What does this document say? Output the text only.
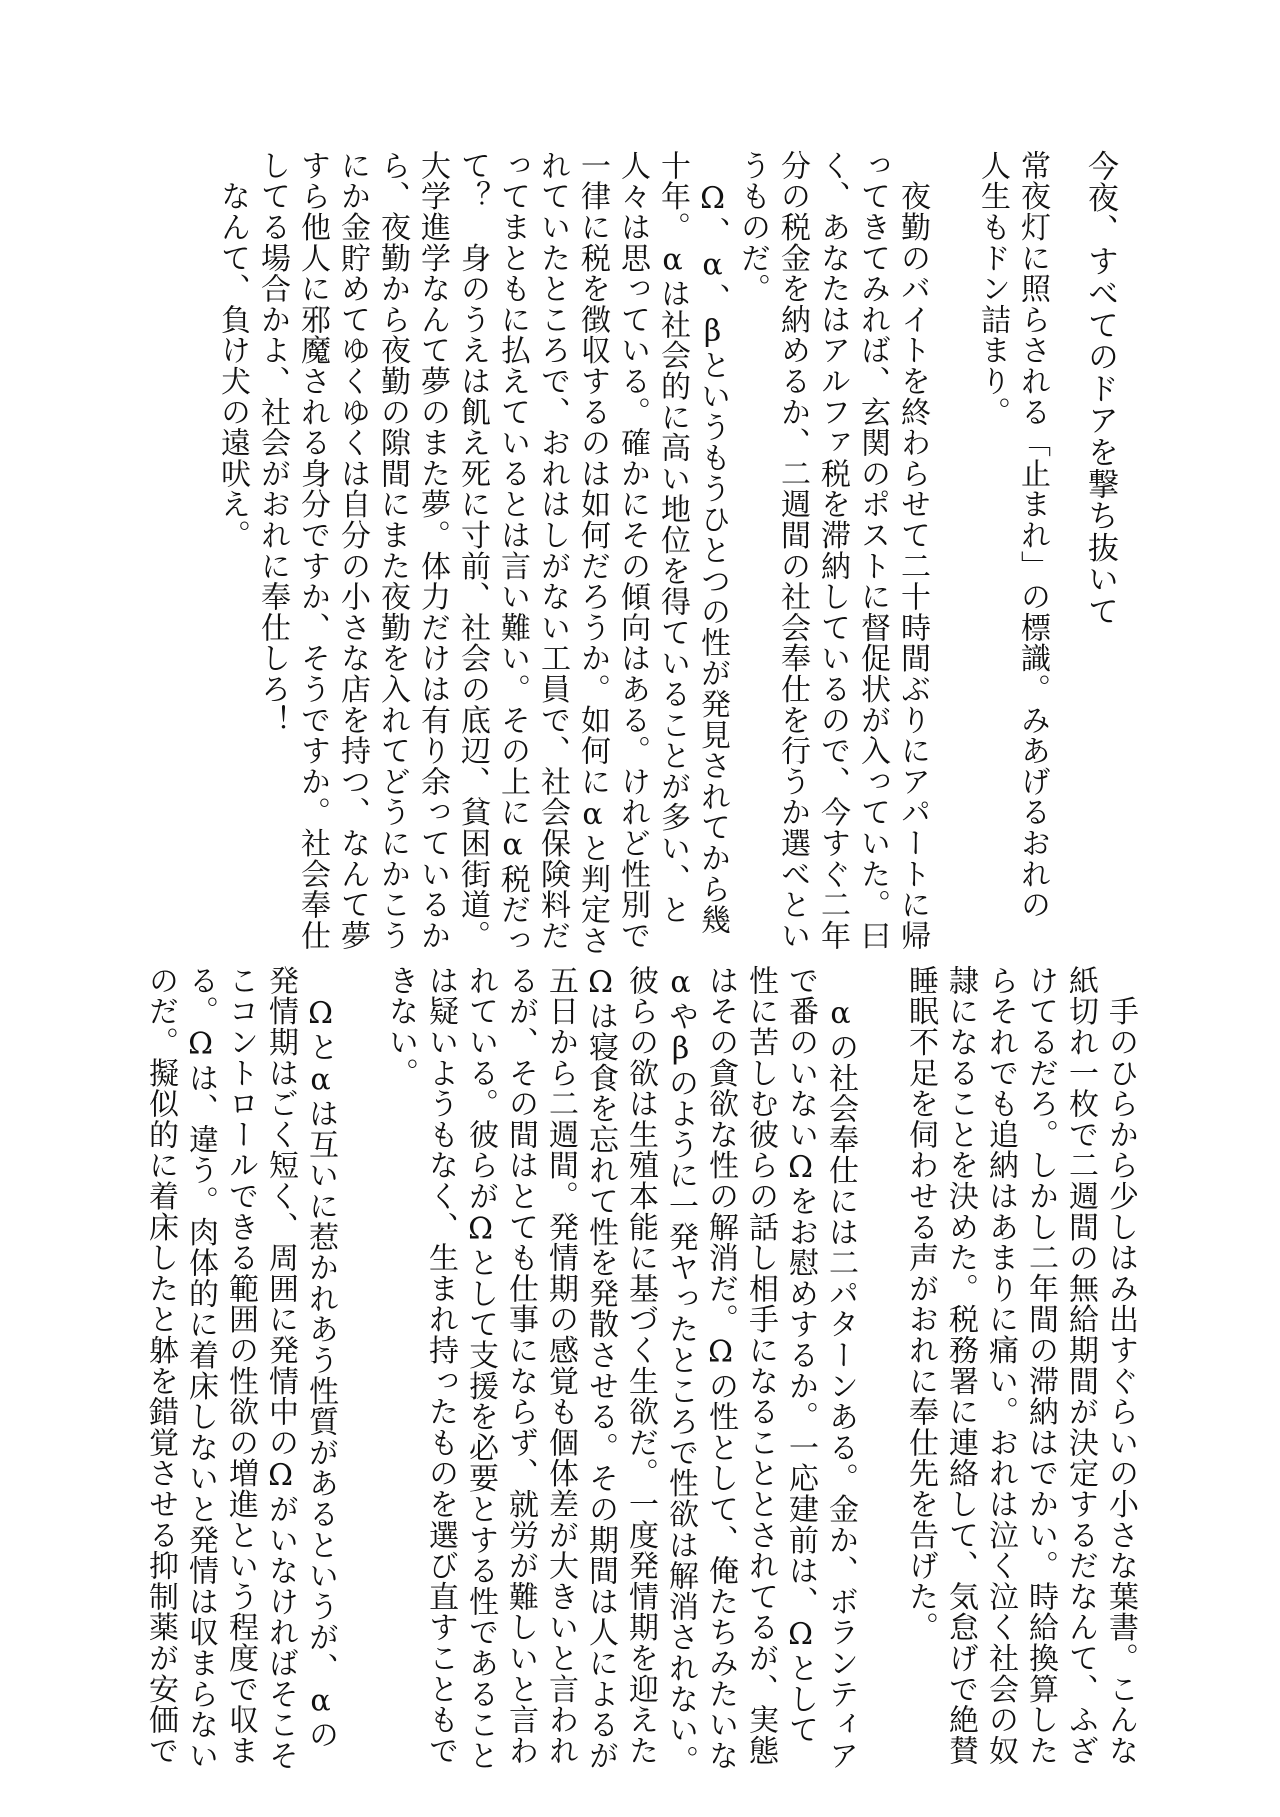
今夜、すべてのドアを撃ち抜いて

常夜灯に照らされる「止まれ」の標識。みあげるおれの

人生もドン詰まり。

　夜勤のバイトを終わらせて二十時間ぶりにアパートに帰

ってきてみれば、玄関のポストに督促状が入っていた。曰

く、あなたはアルファ税を滞納しているので、今すぐ二年

分の税金を納めるか、二週間の社会奉仕を行うか選べとい

うものだ。

　Ω、α、βというもうひとつの性が発見されてから幾

十年。αは社会的に高い地位を得ていることが多い、と

人々は思っている。確かにその傾向はある。けれど性別で

一律に税を徴収するのは如何だろうか。如何にαと判定さ

れていたところで、おれはしがない工員で、社会保険料だ

ってまともに払えているとは言い難い。その上にα税だっ

て？　身のうえは飢え死に寸前、社会の底辺、貧困街道。

大学進学なんて夢のまた夢。体力だけは有り余っているか

ら、夜勤から夜勤の隙間にまた夜勤を入れてどうにかこう

にか金貯めてゆくゆくは自分の小さな店を持つ、なんて夢

すら他人に邪魔される身分ですか、そうですか。社会奉仕

してる場合かよ、社会がおれに奉仕しろ！

　なんて、負け犬の遠吠え。

　手のひらから少しはみ出すぐらいの小さな葉書。こんな

紙切れ一枚で二週間の無給期間が決定するだなんて、ふざ

けてるだろ。しかし二年間の滞納はでかい。時給換算した

らそれでも追納はあまりに痛い。おれは泣く泣く社会の奴

隷になることを決めた。税務署に連絡して、気怠げで絶賛

睡眠不足を伺わせる声がおれに奉仕先を告げた。

　αの社会奉仕には二パターンある。金か、ボランティア

で番のいないΩをお慰めするか。一応建前は、Ωとして

性に苦しむ彼らの話し相手になることとされてるが、実態

はその貪欲な性の解消だ。Ωの性として、俺たちみたいな

αやβのように一発ヤったところで性欲は解消されない。

彼らの欲は生殖本能に基づく生欲だ。一度発情期を迎えた

Ωは寝食を忘れて性を発散させる。その期間は人によるが

五日から二週間。発情期の感覚も個体差が大きいと言われ

るが、その間はとても仕事にならず、就労が難しいと言わ

れている。彼らがΩとして支援を必要とする性であること

は疑いようもなく、生まれ持ったものを選び直すこともで

きない。

　Ωとαは互いに惹かれあう性質があるというが、αの

発情期はごく短く、周囲に発情中のΩがいなければそこそ

こコントロールできる範囲の性欲の増進という程度で収ま

る。Ωは、違う。肉体的に着床しないと発情は収まらない

のだ。擬似的に着床したと躰を錯覚させる抑制薬が安価で
